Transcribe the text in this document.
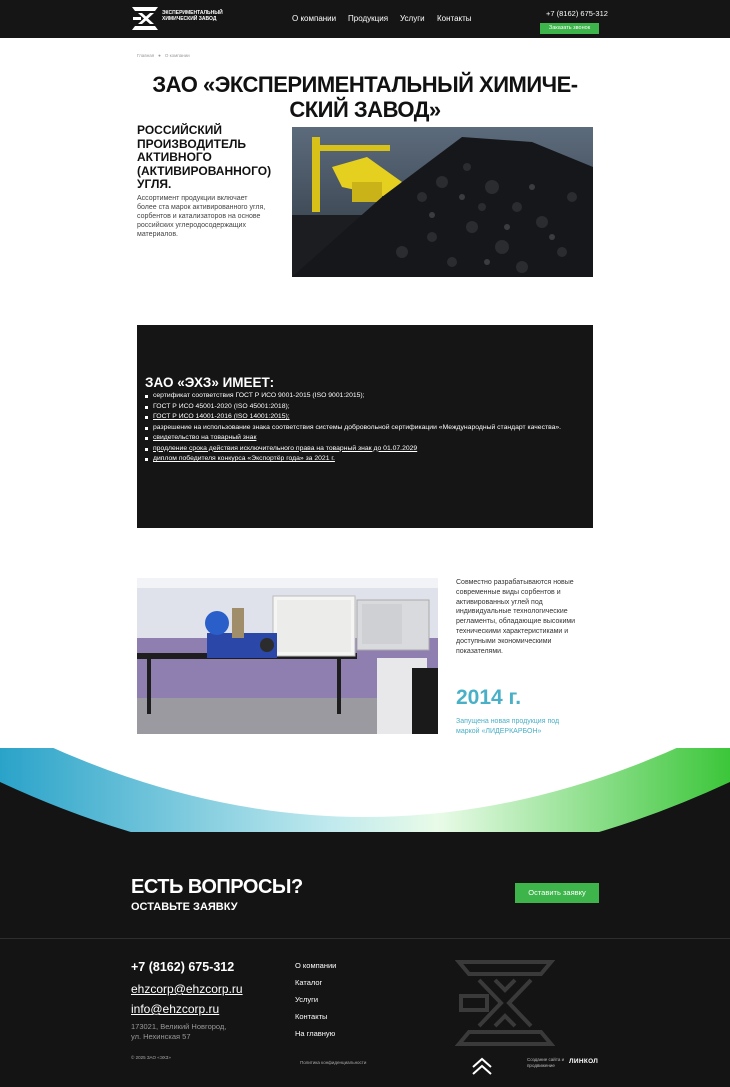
ЭКСПЕРИМЕНТАЛЬНЫЙ ХИМИЧЕСКИЙ ЗАВОД	О компании Продукция Услуги Контакты
+7 (8162) 675-312
Заказать звонок
Главная ● О компании
ЗАО «ЭКСПЕРИМЕНТАЛЬНЫЙ ХИМИЧЕ-СКИЙ ЗАВОД»
РОССИЙСКИЙ ПРОИЗВОДИТЕЛЬ АКТИВНОГО (АКТИВИРОВАННОГО) УГЛЯ.
Ассортимент продукции включает более ста марок активированного угля, сорбентов и катализаторов на основе российских углеродосодержащих материалов.
ЗАО «ЭХЗ» ИМЕЕТ:
сертификат соответствия ГОСТ Р ИСО 9001-2015 (ISO 9001:2015);
ГОСТ Р ИСО 45001-2020 (ISO 45001:2018);
ГОСТ Р ИСО 14001-2016 (ISO 14001:2015);
разрешение на использование знака соответствия системы добровольной сертификации «Международный стандарт качества».
свидетельство на товарный знак
продление срока действия исключительного права на товарный знак до 01.07.2029
диплом победителя конкурса «Экспортёр года» за 2021 г.
Совместно разрабатываются новые современные виды сорбентов и активированных углей под индивидуальные технологические регламенты, обладающие высокими техническими характеристиками и доступными экономическими показателями.
2014 г.
Запущена новая продукция под маркой «ЛИДЕРКАРБОН»
ЕСТЬ ВОПРОСЫ?
ОСТАВЬТЕ ЗАЯВКУ
Оставить заявку
+7 (8162) 675-312
ehzcorp@ehzcorp.ru
info@ehzcorp.ru
173021, Великий Новгород,
ул. Нехинская 57
© 2025 ЗАО «ЭХЗ»
О компании
Каталог
Услуги
Контакты
На главную
Политика конфиденциальности
Создание сайта и продвижение	ЛИНКОЛ
